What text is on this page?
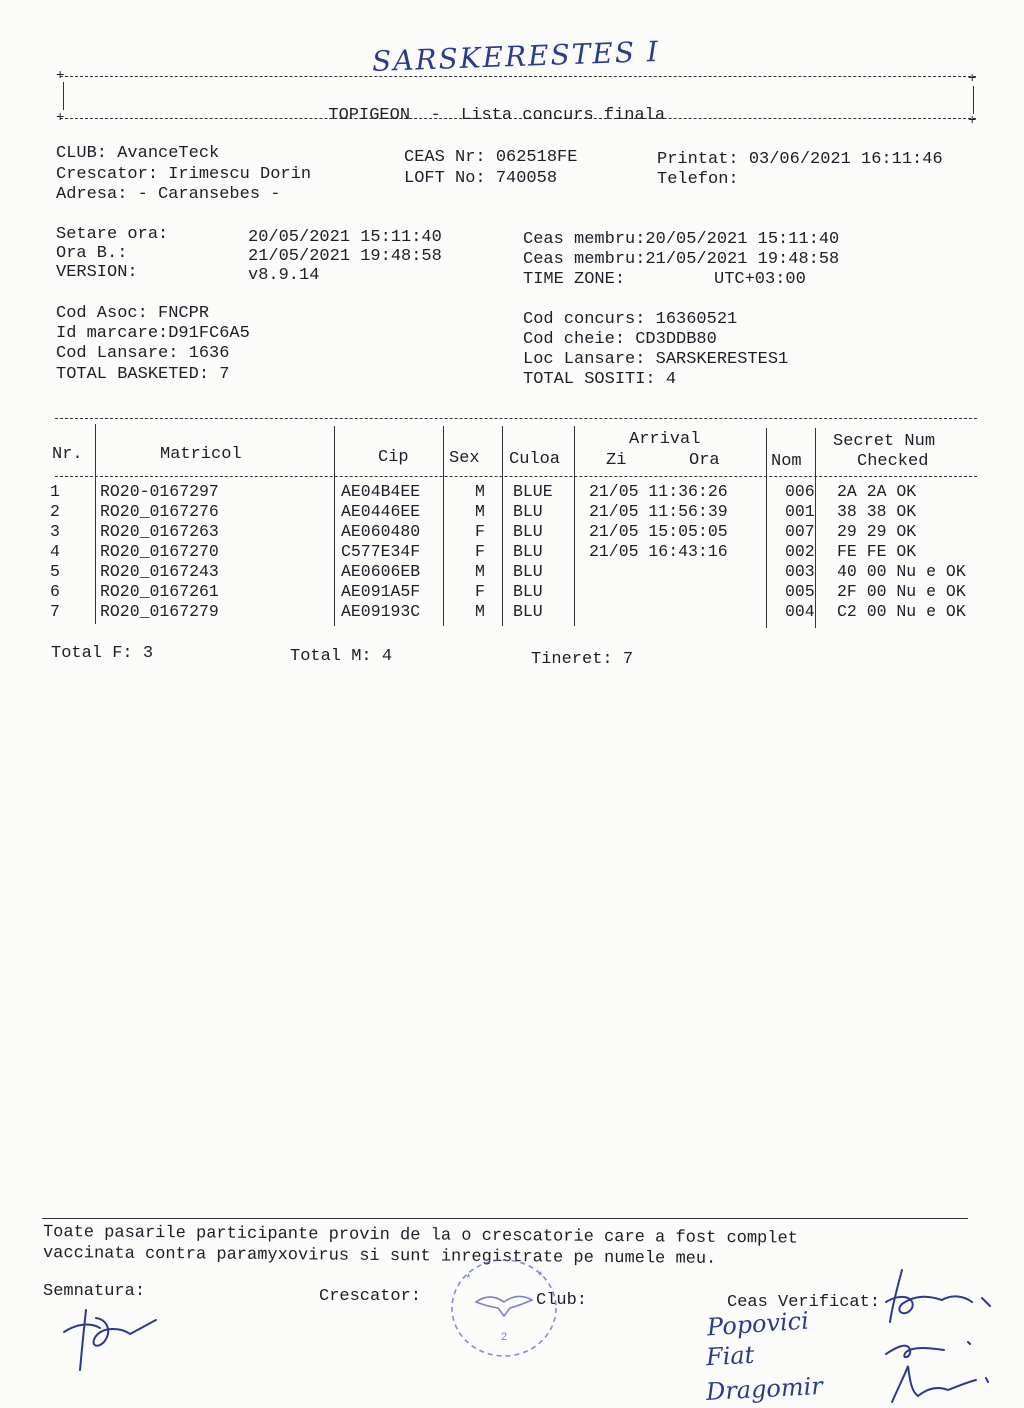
SARSKERESTES I
+	+
+	+

TOPIGEON - Lista concurs finala

CLUB: AvanceTeck
Crescator: Irimescu Dorin
Adresa: - Caransebes -
CEAS Nr: 062518FE
LOFT No: 740058
Printat: 03/06/2021 16:11:46
Telefon:
Setare ora:	20/05/2021 15:11:40
Ora B.:	21/05/2021 19:48:58
VERSION:	v8.9.14
Ceas membru:20/05/2021 15:11:40
Ceas membru:21/05/2021 19:48:58
TIME ZONE:	UTC+03:00
Cod Asoc: FNCPR
Id marcare:D91FC6A5
Cod Lansare: 1636
TOTAL BASKETED: 7
Cod concurs: 16360521
Cod cheie: CD3DDB80
Loc Lansare: SARSKERESTES1
TOTAL SOSITI: 4
Nr.	Matricol	Cip Sex Culoa
Arrival
Zi	Ora	Nom
Secret Num
Checked
1	RO20-0167297	AE04B4EE	M	BLUE	21/05 11:36:26	006	2A 2A OK
2	RO20_0167276	AE0446EE	M	BLU	21/05 11:56:39	001	38 38 OK
3	RO20_0167263	AE060480	F	BLU	21/05 15:05:05	007	29 29 OK
4	RO20_0167270	C577E34F	F	BLU	21/05 16:43:16	002	FE FE OK
5	RO20_0167243	AE0606EB	M	BLU		003	40 00 Nu e OK
6	RO20_0167261	AE091A5F	F	BLU		005	2F 00 Nu e OK
7	RO20_0167279	AE09193C	M	BLU		004	C2 00 Nu e OK
Total F: 3	Total M: 4	Tineret: 7
Toate pasarile participante provin de la o crescatorie care a fost complet
vaccinata contra paramyxovirus si sunt inregistrate pe numele meu.
Semnatura:	Crescator:	Club:	Ceas Verificat:
2
*
*
Popovici
Fiat
Dragomir
